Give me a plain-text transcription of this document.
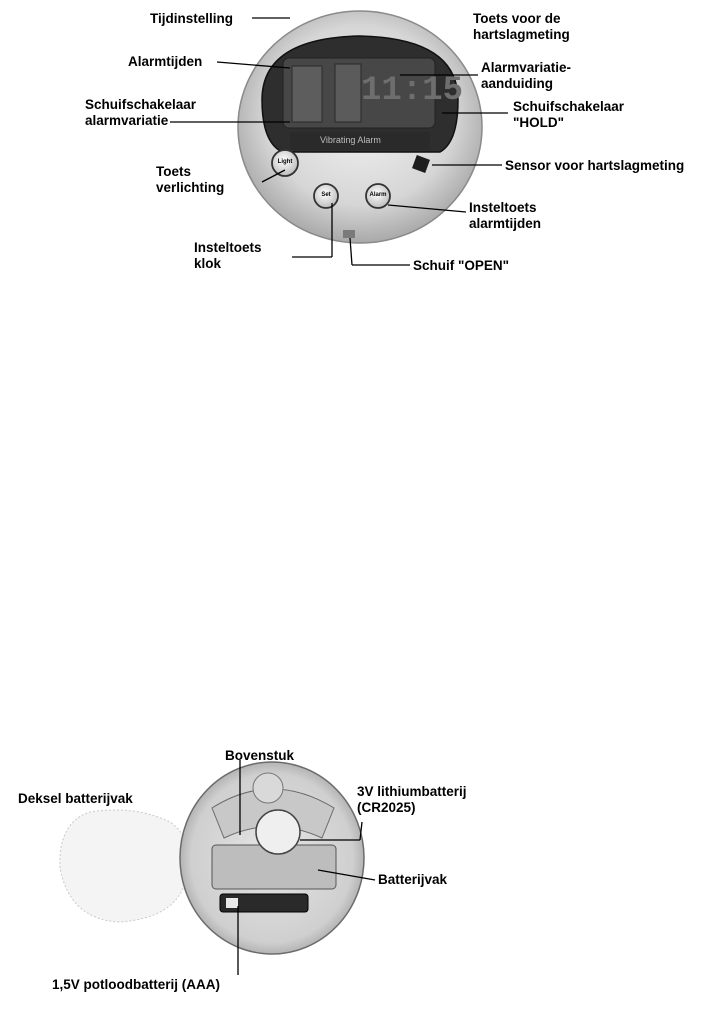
Tijdinstelling
Alarmtijden
Schuifschakelaar
alarmvariatie
Toets
verlichting
Insteltoets
klok	Schuif "OPEN"
Insteltoets
alarmtijden
Sensor voor hartslagmeting
Schuifschakelaar
"HOLD"
Alarmvariatie-
aanduiding
Toets voor de
hartslagmeting
11:15
Vibrating Alarm
Light
Set	Alarm
Deksel batterijvak
Bovenstuk
3V lithiumbatterij
(CR2025)
Batterijvak
1,5V potloodbatterij (AAA)
